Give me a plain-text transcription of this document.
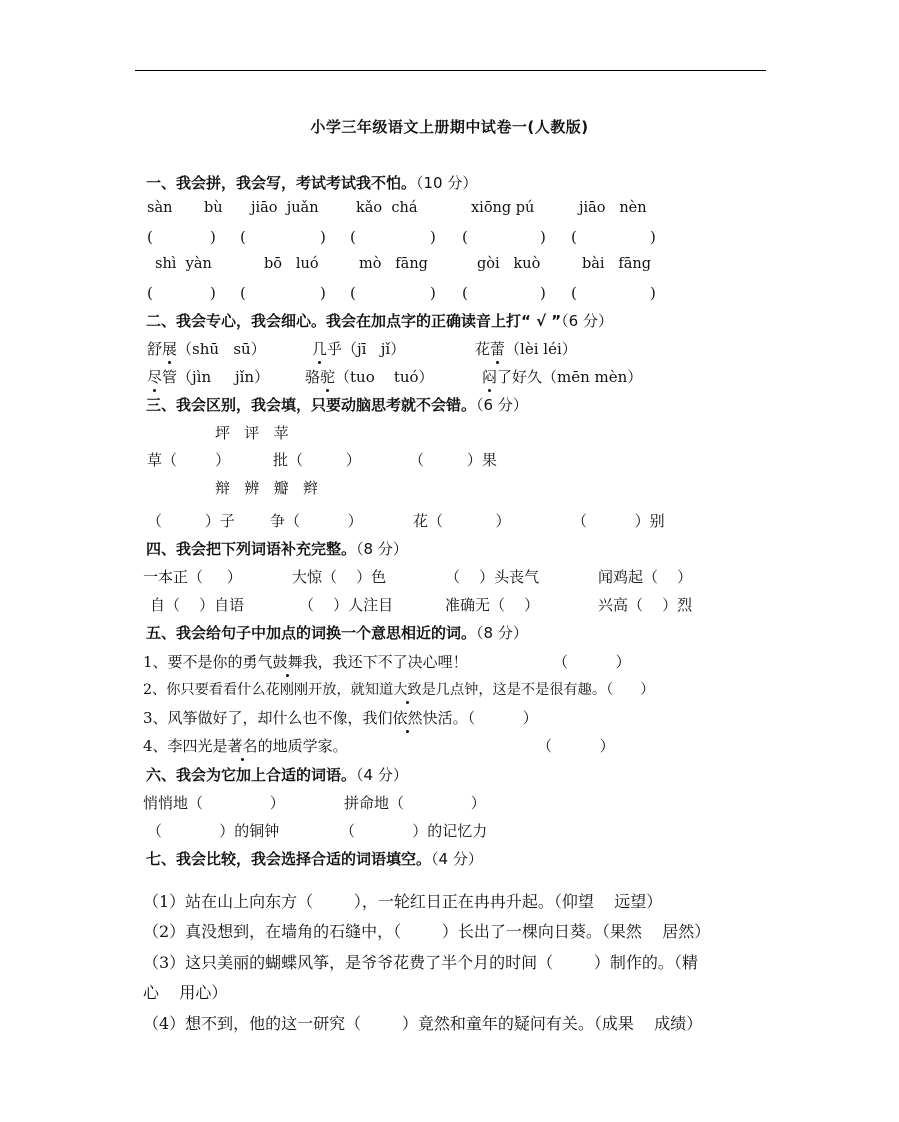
小学三年级语文上册期中试卷一(人教版)
一、我会拼，我会写，考试考试我不怕。（10 分）
sàn bù jiāo  juǎn	kǎo  chá	xiōng pú	jiāo   nèn
(	) (	) (	) (	) (	)
shì  yàn	bō   luó	mò   fāng	gòi   kuò	bài   fāng
(	) (	) (	) (	) (	)
二、我会专心，我会细心。我会在加点字的正确读音上打“ √ ”（6 分）
舒展（shū   sū）	几乎（jī   jǐ）	花蕾（lèi léi）
尽管（jìn     jǐn） 骆驼（tuo    tuó）	闷了好久（mēn mèn）
三、我会区别，我会填，只要动脑思考就不会错。（6 分）
坪   评   苹
草（        ）	批（         ）	（         ）果
辩   辨   瓣   辫
（         ）子 争（          ）	花（           ）	（          ）别
四、我会把下列词语补充完整。（8 分）
一本正（     ）	大惊（    ）色	（    ）头丧气	闻鸡起（    ）
自（    ）自语	（    ）人注目	准确无（    ）	兴高（    ）烈
五、我会给句子中加点的词换一个意思相近的词。（8 分）
1、要不是你的勇气鼓舞我，我还下不了决心哩！	（          ）
2、你只要看看什么花刚刚开放，就知道大致是几点钟，这是不是很有趣。（      ）
3、风筝做好了，却什么也不像，我们依然快活。（          ）
4、李四光是著名的地质学家。	（          ）
六、我会为它加上合适的词语。（4 分）
悄悄地（              ）	拼命地（              ）
（            ）的铜钟	（            ）的记忆力
七、我会比较，我会选择合适的词语填空。（4 分）
（1）站在山上向东方（        ），一轮红日正在冉冉升起。（仰望    远望）
（2）真没想到，在墙角的石缝中，（        ）长出了一棵向日葵。（果然    居然）
（3）这只美丽的蝴蝶风筝，是爷爷花费了半个月的时间（        ）制作的。（精
心    用心）
（4）想不到，他的这一研究（        ）竟然和童年的疑问有关。（成果    成绩）
